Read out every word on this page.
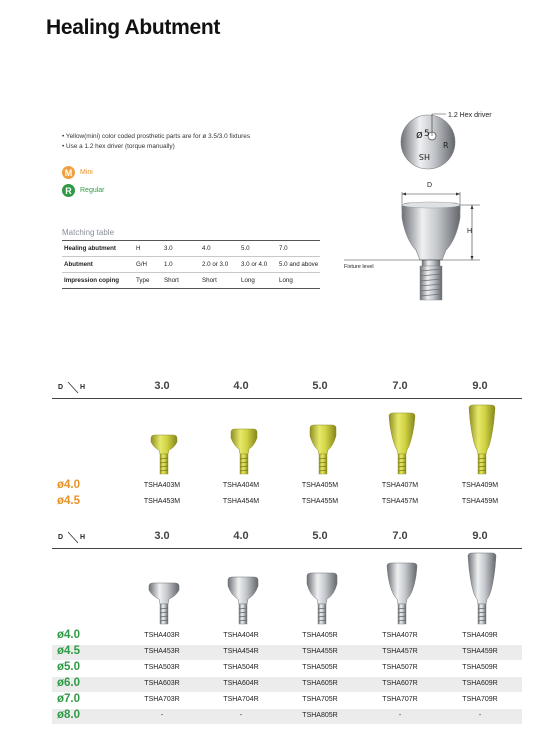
Healing Abutment
• Yellow(mini) color coded prosthetic parts are for ø 3.5/3.0 fixtures
• Use a 1.2 hex driver (torque manually)
M	Mini
R	Regular
Matching table
Healing abutment	H	3.0	4.0	5.0	7.0
Abutment	G/H	1.0	2.0 or 3.0	3.0 or 4.0	5.0 and above
Impression coping	Type	Short	Short	Long	Long
ø 5
R
HS
1.2 Hex driver
D
H
Fixture level
D H	3.0	4.0	5.0	7.0	9.0
ø4.0	TSHA403M	TSHA404M	TSHA405M	TSHA407M	TSHA409M
ø4.5	TSHA453M	TSHA454M	TSHA455M	TSHA457M	TSHA459M
D H	3.0	4.0	5.0	7.0	9.0
ø4.0	TSHA403R	TSHA404R	TSHA405R	TSHA407R	TSHA409R
ø4.5	TSHA453R	TSHA454R	TSHA455R	TSHA457R	TSHA459R
ø5.0	TSHA503R	TSHA504R	TSHA505R	TSHA507R	TSHA509R
ø6.0	TSHA603R	TSHA604R	TSHA605R	TSHA607R	TSHA609R
ø7.0	TSHA703R	TSHA704R	TSHA705R	TSHA707R	TSHA709R
ø8.0	-	-	TSHA805R	-	-
